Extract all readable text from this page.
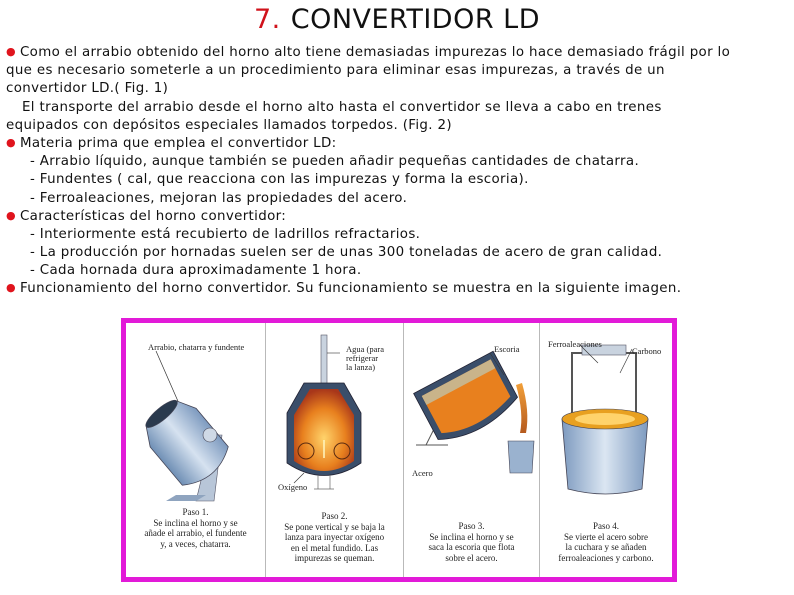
7. CONVERTIDOR LD
● Como el arrabio obtenido del horno alto tiene demasiadas impurezas lo hace demasiado frágil por lo
que es necesario someterle a un procedimiento para eliminar esas impurezas, a través de un
convertidor LD.( Fig. 1)
El transporte del arrabio desde el horno alto hasta el convertidor se lleva a cabo en trenes
equipados con depósitos especiales llamados torpedos. (Fig. 2)
● Materia prima que emplea el convertidor LD:
- Arrabio líquido, aunque también se pueden añadir pequeñas cantidades de chatarra.
- Fundentes ( cal, que reacciona con las impurezas y forma la escoria).
- Ferroaleaciones, mejoran las propiedades del acero.
● Características del horno convertidor:
- Interiormente está recubierto de ladrillos refractarios.
- La producción por hornadas suelen ser de unas 300 toneladas de acero de gran calidad.
- Cada hornada dura aproximadamente 1 hora.
● Funcionamiento del horno convertidor. Su funcionamiento se muestra en la siguiente imagen.
Arrabio, chatarra y fundente
Paso 1.
Se inclina el horno y se
añade el arrabio, el fundente
y, a veces, chatarra.
Agua (para
refrigerar
la lanza)
Oxígeno
Paso 2.
Se pone vertical y se baja la
lanza para inyectar oxígeno
en el metal fundido. Las
impurezas se queman.
Escoria
Acero
Paso 3.
Se inclina el horno y se
saca la escoria que flota
sobre el acero.
Ferroaleaciones
Carbono
Paso 4.
Se vierte el acero sobre
la cuchara y se añaden
ferroaleaciones y carbono.
